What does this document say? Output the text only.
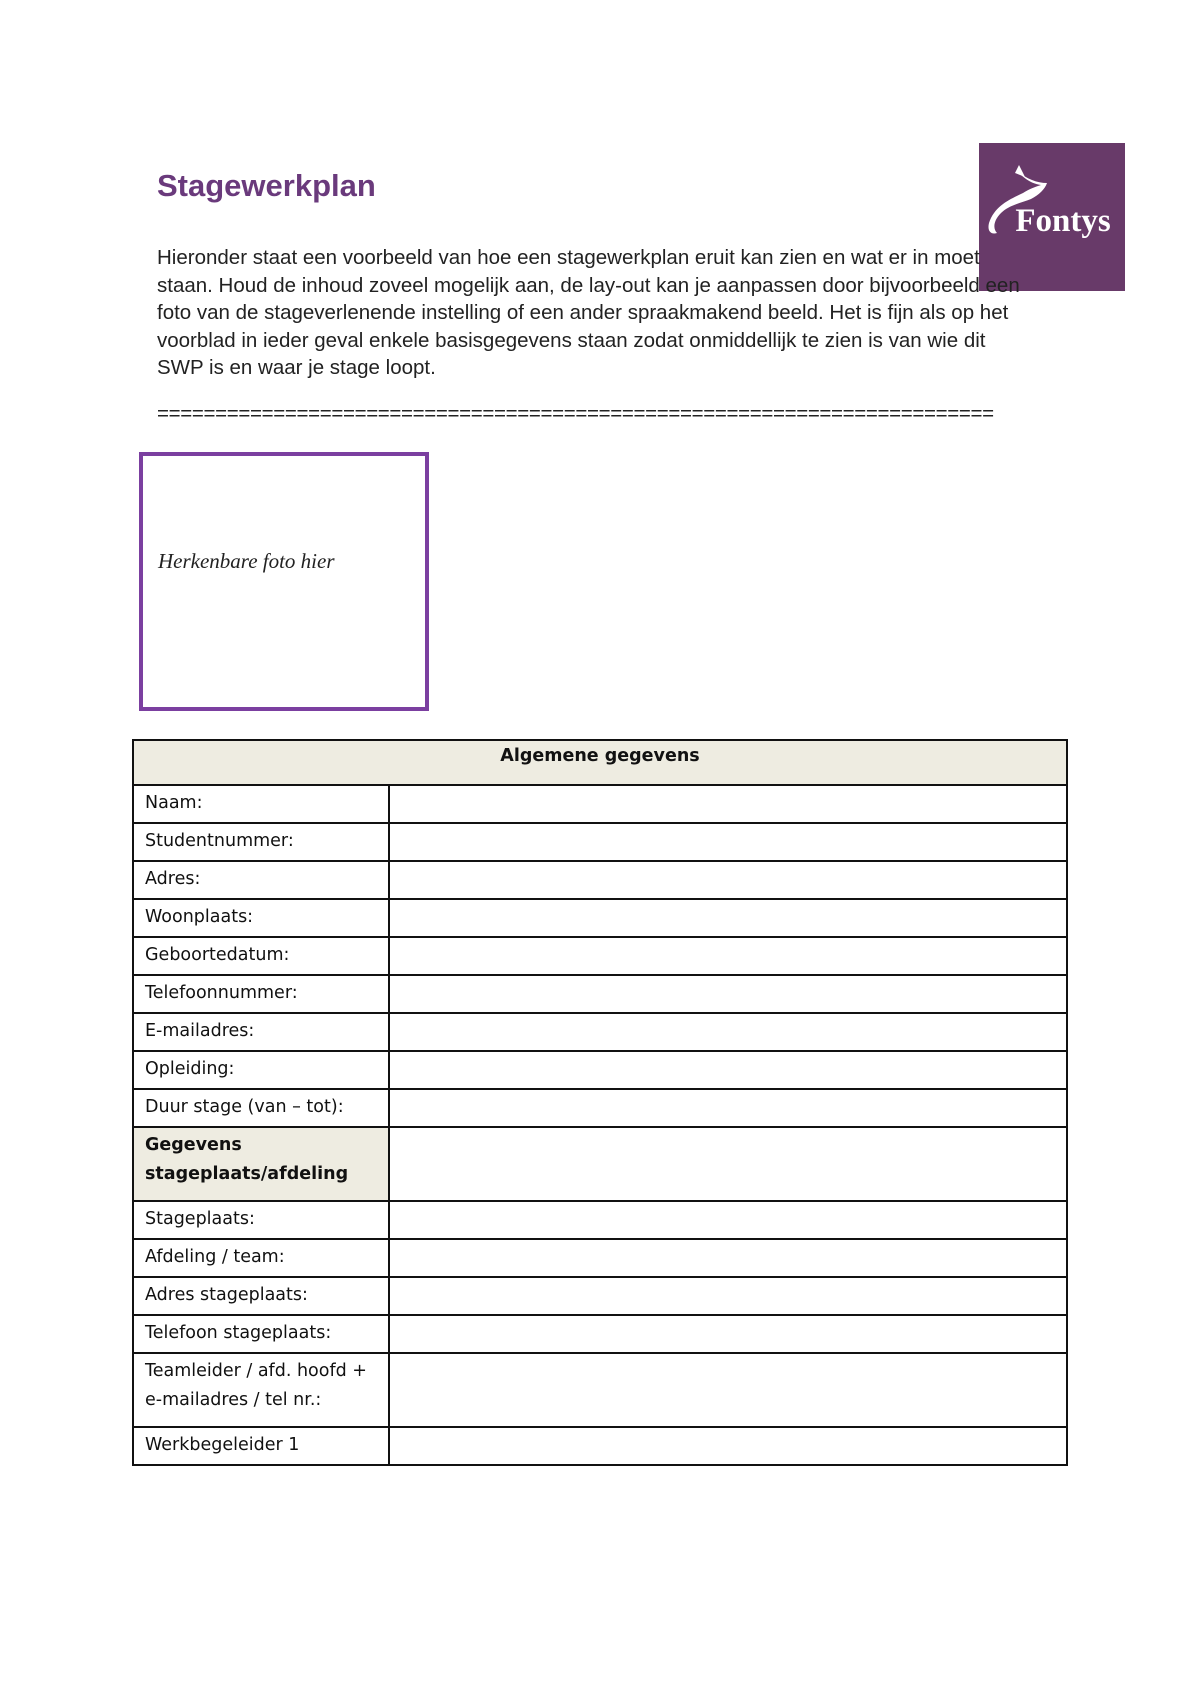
Stagewerkplan
Fontys

Hieronder staat een voorbeeld van hoe een stagewerkplan eruit kan zien en wat er in moet staan. Houd de inhoud zoveel mogelijk aan, de lay-out kan je aanpassen door bijvoorbeeld een foto van de stageverlenende instelling of een ander spraakmakend beeld. Het is fijn als op het voorblad in ieder geval enkele basisgegevens staan zodat onmiddellijk te zien is van wie dit SWP is en waar je stage loopt.

========================================================================
Herkenbare foto hier
Algemene gegevens	
Naam:	
Studentnummer:	
Adres:	
Woonplaats:	
Geboortedatum:	
Telefoonnummer:	
E-mailadres:	
Opleiding:	
Duur stage (van – tot):	
Gegevens stageplaats/afdeling	
Stageplaats:	
Afdeling / team:	
Adres stageplaats:	
Telefoon stageplaats:	
Teamleider / afd. hoofd + e-mailadres / tel nr.:	
Werkbegeleider 1	
